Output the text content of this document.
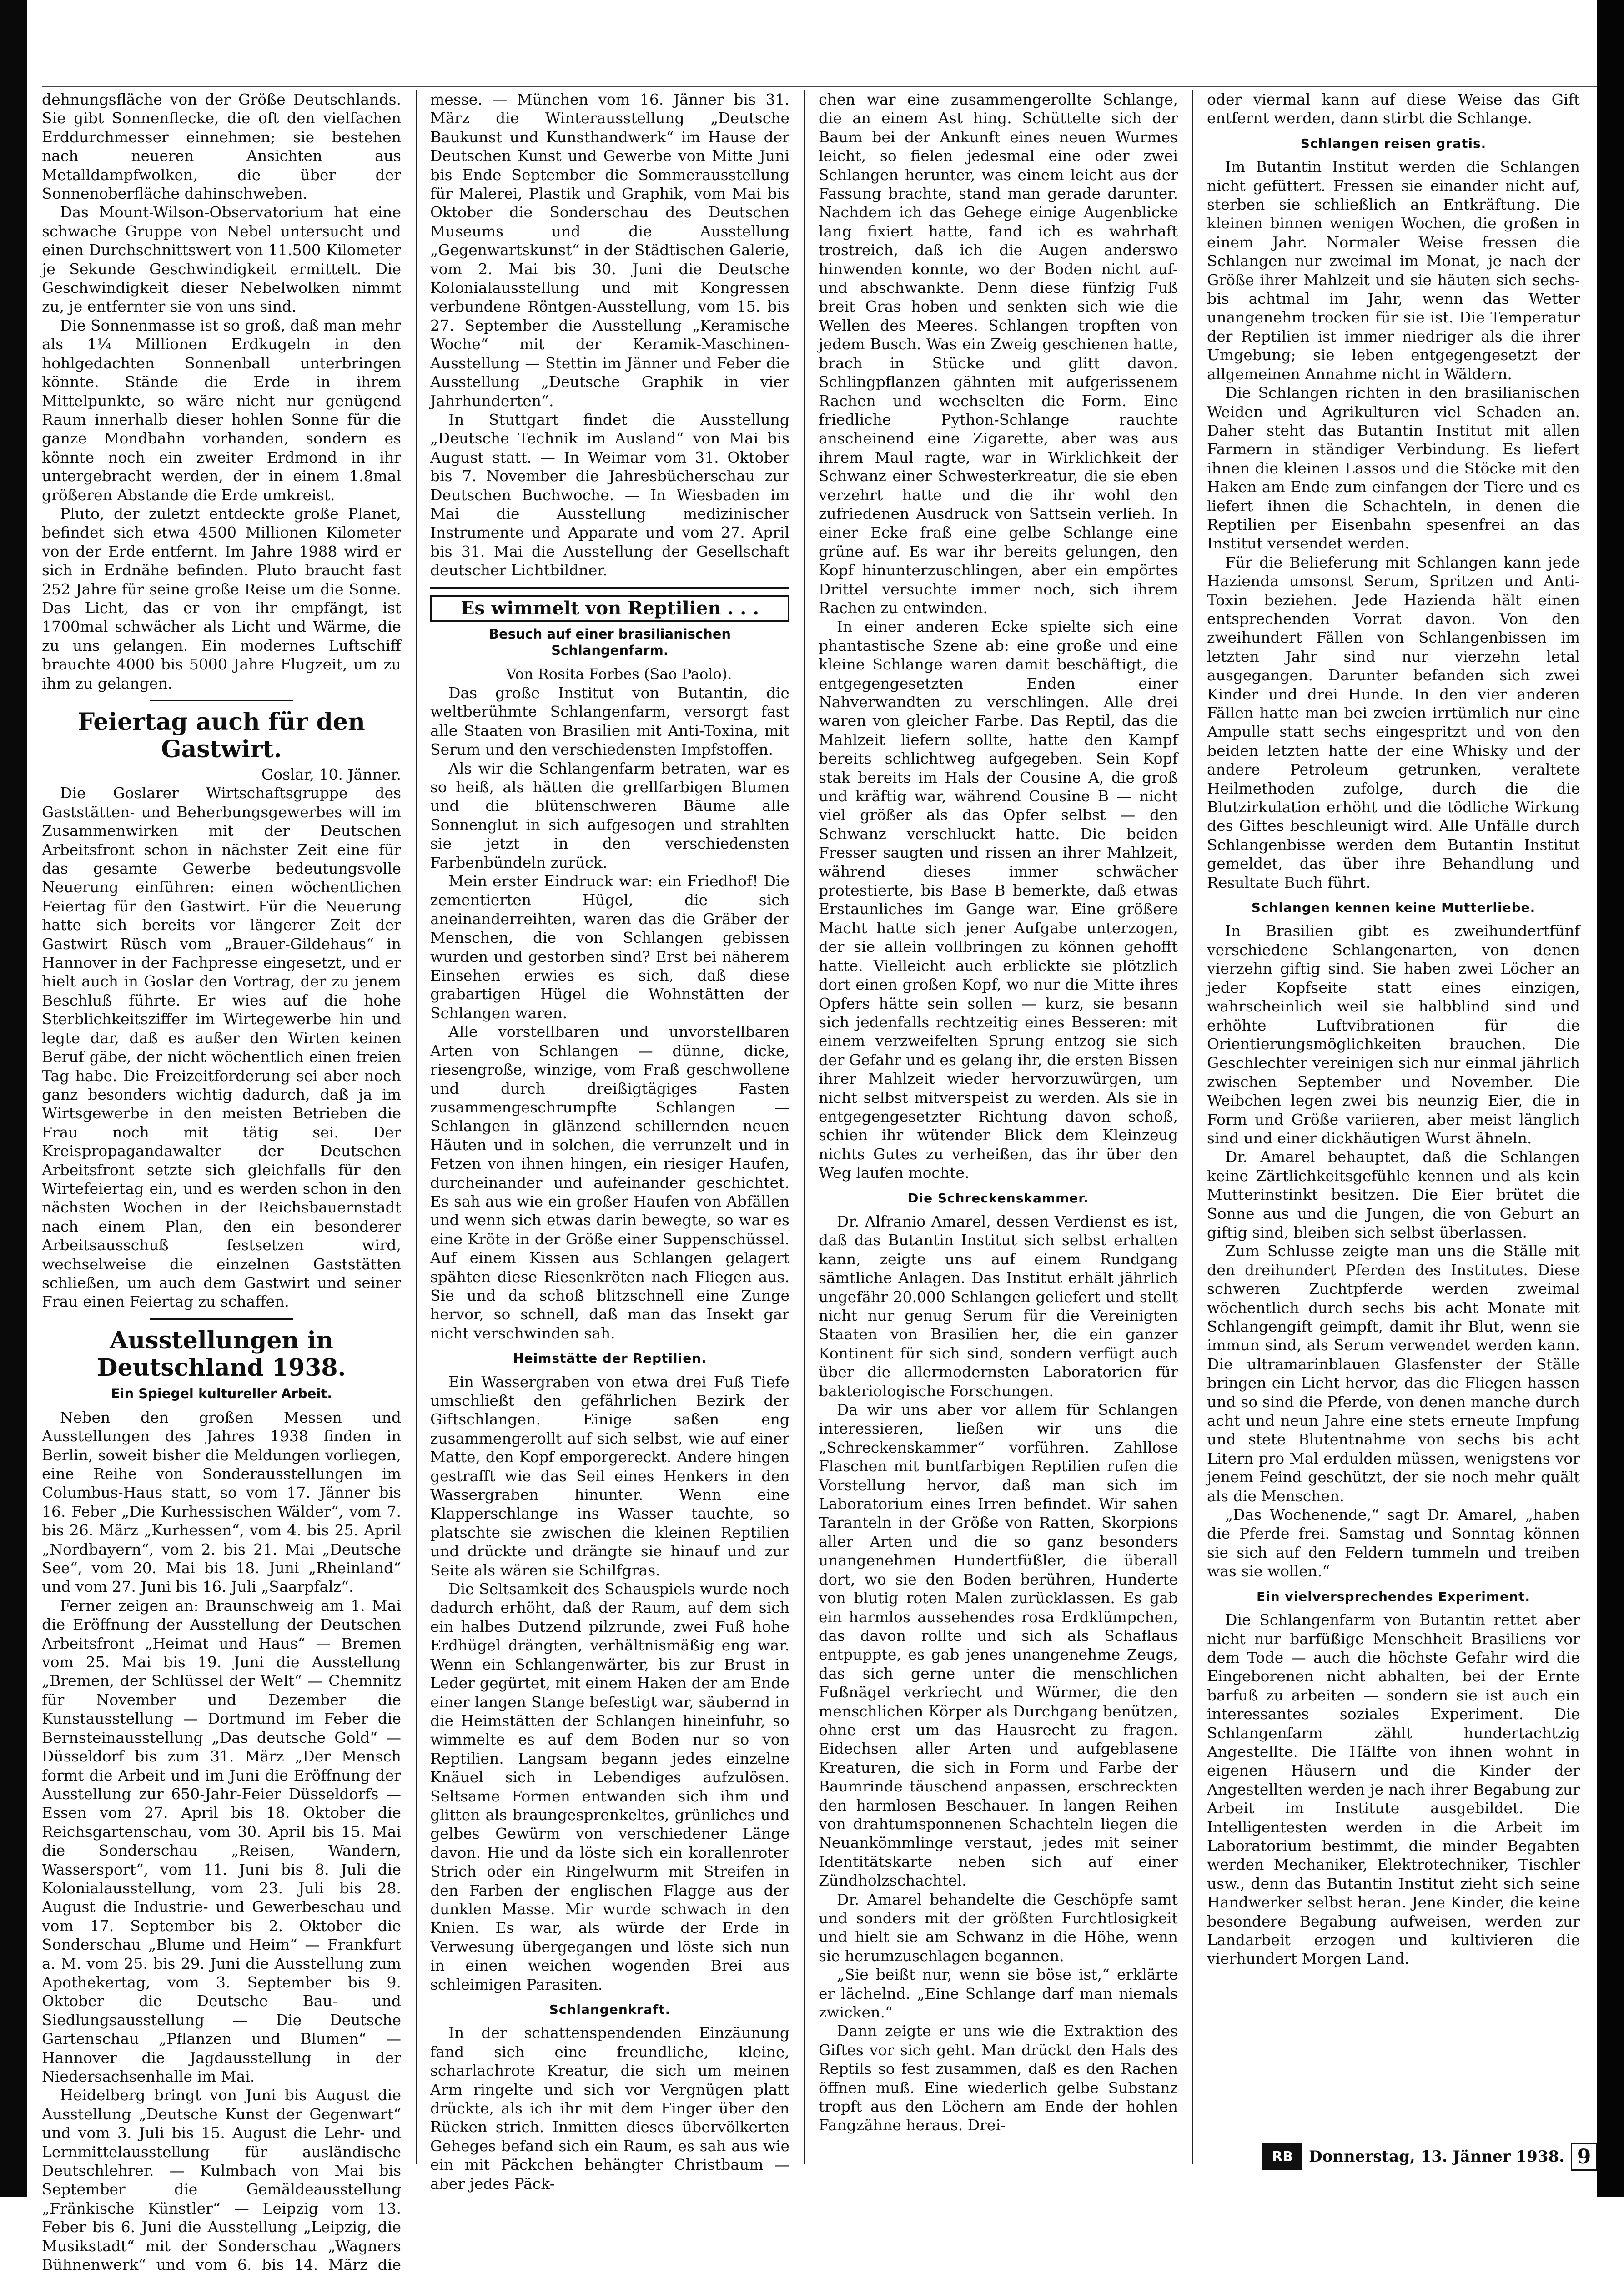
dehnungsfläche von der Größe Deutschlands. Sie gibt Sonnenflecke, die oft den vielfachen Erddurchmesser einnehmen; sie bestehen nach neueren Ansichten aus Metalldampfwolken, die über der Sonnenoberfläche dahinschweben.

Das Mount-Wilson-Observatorium hat eine schwache Gruppe von Nebel untersucht und einen Durchschnittswert von 11.500 Kilometer je Sekunde Geschwindigkeit ermittelt. Die Geschwindigkeit dieser Nebelwolken nimmt zu, je entfernter sie von uns sind.

Die Sonnenmasse ist so groß, daß man mehr als 1¼ Millionen Erdkugeln in den hohlgedachten Sonnenball unterbringen könnte. Stände die Erde in ihrem Mittelpunkte, so wäre nicht nur genügend Raum innerhalb dieser hohlen Sonne für die ganze Mondbahn vorhanden, sondern es könnte noch ein zweiter Erdmond in ihr untergebracht werden, der in einem 1.8mal größeren Abstande die Erde umkreist.

Pluto, der zuletzt entdeckte große Planet, befindet sich etwa 4500 Millionen Kilometer von der Erde entfernt. Im Jahre 1988 wird er sich in Erdnähe befinden. Pluto braucht fast 252 Jahre für seine große Reise um die Sonne. Das Licht, das er von ihr empfängt, ist 1700mal schwächer als Licht und Wärme, die zu uns gelangen. Ein modernes Luftschiff brauchte 4000 bis 5000 Jahre Flugzeit, um zu ihm zu gelangen.

Feiertag auch für den Gastwirt.

Goslar, 10. Jänner.

Die Goslarer Wirtschaftsgruppe des Gaststätten- und Beherbungsgewerbes will im Zusammenwirken mit der Deutschen Arbeitsfront schon in nächster Zeit eine für das gesamte Gewerbe bedeutungsvolle Neuerung einführen: einen wöchentlichen Feiertag für den Gastwirt. Für die Neuerung hatte sich bereits vor längerer Zeit der Gastwirt Rüsch vom „Brauer-Gildehaus“ in Hannover in der Fachpresse eingesetzt, und er hielt auch in Goslar den Vortrag, der zu jenem Beschluß führte. Er wies auf die hohe Sterblichkeitsziffer im Wirtegewerbe hin und legte dar, daß es außer den Wirten keinen Beruf gäbe, der nicht wöchentlich einen freien Tag habe. Die Freizeitforderung sei aber noch ganz besonders wichtig dadurch, daß ja im Wirtsgewerbe in den meisten Betrieben die Frau noch mit tätig sei. Der Kreispropagandawalter der Deutschen Arbeitsfront setzte sich gleichfalls für den Wirtefeiertag ein, und es werden schon in den nächsten Wochen in der Reichsbauernstadt nach einem Plan, den ein besonderer Arbeitsausschuß festsetzen wird, wechselweise die einzelnen Gaststätten schließen, um auch dem Gastwirt und seiner Frau einen Feiertag zu schaffen.

Ausstellungen in Deutschland 1938.
Ein Spiegel kultureller Arbeit.

Neben den großen Messen und Ausstellungen des Jahres 1938 finden in Berlin, soweit bisher die Meldungen vorliegen, eine Reihe von Sonderausstellungen im Columbus-Haus statt, so vom 17. Jänner bis 16. Feber „Die Kurhessischen Wälder“, vom 7. bis 26. März „Kurhessen“, vom 4. bis 25. April „Nordbayern“, vom 2. bis 21. Mai „Deutsche See“, vom 20. Mai bis 18. Juni „Rheinland“ und vom 27. Juni bis 16. Juli „Saarpfalz“.

Ferner zeigen an: Braunschweig am 1. Mai die Eröffnung der Ausstellung der Deutschen Arbeitsfront „Heimat und Haus“ — Bremen vom 25. Mai bis 19. Juni die Ausstellung „Bremen, der Schlüssel der Welt“ — Chemnitz für November und Dezember die Kunstausstellung — Dortmund im Feber die Bernsteinausstellung „Das deutsche Gold“ — Düsseldorf bis zum 31. März „Der Mensch formt die Arbeit und im Juni die Eröffnung der Ausstellung zur 650-Jahr-Feier Düsseldorfs — Essen vom 27. April bis 18. Oktober die Reichsgartenschau, vom 30. April bis 15. Mai die Sonderschau „Reisen, Wandern, Wassersport“, vom 11. Juni bis 8. Juli die Kolonialausstellung, vom 23. Juli bis 28. August die Industrie- und Gewerbeschau und vom 17. September bis 2. Oktober die Sonderschau „Blume und Heim“ — Frankfurt a. M. vom 25. bis 29. Juni die Ausstellung zum Apothekertag, vom 3. September bis 9. Oktober die Deutsche Bau- und Siedlungsausstellung — Die Deutsche Gartenschau „Pflanzen und Blumen“ — Hannover die Jagdausstellung in der Niedersachsenhalle im Mai.

Heidelberg bringt von Juni bis August die Ausstellung „Deutsche Kunst der Gegenwart“ und vom 3. Juli bis 15. August die Lehr- und Lernmittelausstellung für ausländische Deutschlehrer. — Kulmbach von Mai bis September die Gemäldeausstellung „Fränkische Künstler“ — Leipzig vom 13. Feber bis 6. Juni die Ausstellung „Leipzig, die Musikstadt“ mit der Sonderschau „Wagners Bühnenwerk“ und vom 6. bis 14. März die

messe. — München vom 16. Jänner bis 31. März die Winterausstellung „Deutsche Baukunst und Kunsthandwerk“ im Hause der Deutschen Kunst und Gewerbe von Mitte Juni bis Ende September die Sommerausstellung für Malerei, Plastik und Graphik, vom Mai bis Oktober die Sonderschau des Deutschen Museums und die Ausstellung „Gegenwartskunst“ in der Städtischen Galerie, vom 2. Mai bis 30. Juni die Deutsche Kolonialausstellung und mit Kongressen verbundene Röntgen-Ausstellung, vom 15. bis 27. September die Ausstellung „Keramische Woche“ mit der Keramik-Maschinen-Ausstellung — Stettin im Jänner und Feber die Ausstellung „Deutsche Graphik in vier Jahrhunderten“.

In Stuttgart findet die Ausstellung „Deutsche Technik im Ausland“ von Mai bis August statt. — In Weimar vom 31. Oktober bis 7. November die Jahresbücherschau zur Deutschen Buchwoche. — In Wiesbaden im Mai die Ausstellung medizinischer Instrumente und Apparate und vom 27. April bis 31. Mai die Ausstellung der Gesellschaft deutscher Lichtbildner.

Es wimmelt von Reptilien . . .
Besuch auf einer brasilianischen Schlangenfarm.

Von Rosita Forbes (Sao Paolo).

Das große Institut von Butantin, die weltberühmte Schlangenfarm, versorgt fast alle Staaten von Brasilien mit Anti-Toxina, mit Serum und den verschiedensten Impfstoffen.

Als wir die Schlangenfarm betraten, war es so heiß, als hätten die grellfarbigen Blumen und die blütenschweren Bäume alle Sonnenglut in sich aufgesogen und strahlten sie jetzt in den verschiedensten Farbenbündeln zurück.

Mein erster Eindruck war: ein Friedhof! Die zementierten Hügel, die sich aneinanderreihten, waren das die Gräber der Menschen, die von Schlangen gebissen wurden und gestorben sind? Erst bei näherem Einsehen erwies es sich, daß diese grabartigen Hügel die Wohnstätten der Schlangen waren.

Alle vorstellbaren und unvorstellbaren Arten von Schlangen — dünne, dicke, riesengroße, winzige, vom Fraß geschwollene und durch dreißigtägiges Fasten zusammengeschrumpfte Schlangen — Schlangen in glänzend schillernden neuen Häuten und in solchen, die verrunzelt und in Fetzen von ihnen hingen, ein riesiger Haufen, durcheinander und aufeinander geschichtet. Es sah aus wie ein großer Haufen von Abfällen und wenn sich etwas darin bewegte, so war es eine Kröte in der Größe einer Suppenschüssel. Auf einem Kissen aus Schlangen gelagert spähten diese Riesenkröten nach Fliegen aus. Sie und da schoß blitzschnell eine Zunge hervor, so schnell, daß man das Insekt gar nicht verschwinden sah.

Heimstätte der Reptilien.

Ein Wassergraben von etwa drei Fuß Tiefe umschließt den gefährlichen Bezirk der Giftschlangen. Einige saßen eng zusammengerollt auf sich selbst, wie auf einer Matte, den Kopf emporgereckt. Andere hingen gestrafft wie das Seil eines Henkers in den Wassergraben hinunter. Wenn eine Klapperschlange ins Wasser tauchte, so platschte sie zwischen die kleinen Reptilien und drückte und drängte sie hinauf und zur Seite als wären sie Schilfgras.

Die Seltsamkeit des Schauspiels wurde noch dadurch erhöht, daß der Raum, auf dem sich ein halbes Dutzend pilzrunde, zwei Fuß hohe Erdhügel drängten, verhältnismäßig eng war. Wenn ein Schlangenwärter, bis zur Brust in Leder gegürtet, mit einem Haken der am Ende einer langen Stange befestigt war, säubernd in die Heimstätten der Schlangen hineinfuhr, so wimmelte es auf dem Boden nur so von Reptilien. Langsam begann jedes einzelne Knäuel sich in Lebendiges aufzulösen. Seltsame Formen entwanden sich ihm und glitten als braungesprenkeltes, grünliches und gelbes Gewürm von verschiedener Länge davon. Hie und da löste sich ein korallenroter Strich oder ein Ringelwurm mit Streifen in den Farben der englischen Flagge aus der dunklen Masse. Mir wurde schwach in den Knien. Es war, als würde der Erde in Verwesung übergegangen und löste sich nun in einen weichen wogenden Brei aus schleimigen Parasiten.

Schlangenkraft.

In der schattenspendenden Einzäunung fand sich eine freundliche, kleine, scharlachrote Kreatur, die sich um meinen Arm ringelte und sich vor Vergnügen platt drückte, als ich ihr mit dem Finger über den Rücken strich. Inmitten dieses übervölkerten Geheges befand sich ein Raum, es sah aus wie ein mit Päckchen behängter Christbaum — aber jedes Päck-

chen war eine zusammengerollte Schlange, die an einem Ast hing. Schüttelte sich der Baum bei der Ankunft eines neuen Wurmes leicht, so fielen jedesmal eine oder zwei Schlangen herunter, was einem leicht aus der Fassung brachte, stand man gerade darunter. Nachdem ich das Gehege einige Augenblicke lang fixiert hatte, fand ich es wahrhaft trostreich, daß ich die Augen anderswo hinwenden konnte, wo der Boden nicht auf- und abschwankte. Denn diese fünfzig Fuß breit Gras hoben und senkten sich wie die Wellen des Meeres. Schlangen tropften von jedem Busch. Was ein Zweig geschienen hatte, brach in Stücke und glitt davon. Schlingpflanzen gähnten mit aufgerissenem Rachen und wechselten die Form. Eine friedliche Python-Schlange rauchte anscheinend eine Zigarette, aber was aus ihrem Maul ragte, war in Wirklichkeit der Schwanz einer Schwesterkreatur, die sie eben verzehrt hatte und die ihr wohl den zufriedenen Ausdruck von Sattsein verlieh. In einer Ecke fraß eine gelbe Schlange eine grüne auf. Es war ihr bereits gelungen, den Kopf hinunterzuschlingen, aber ein empörtes Drittel versuchte immer noch, sich ihrem Rachen zu entwinden.

In einer anderen Ecke spielte sich eine phantastische Szene ab: eine große und eine kleine Schlange waren damit beschäftigt, die entgegengesetzten Enden einer Nahverwandten zu verschlingen. Alle drei waren von gleicher Farbe. Das Reptil, das die Mahlzeit liefern sollte, hatte den Kampf bereits schlichtweg aufgegeben. Sein Kopf stak bereits im Hals der Cousine A, die groß und kräftig war, während Cousine B — nicht viel größer als das Opfer selbst — den Schwanz verschluckt hatte. Die beiden Fresser saugten und rissen an ihrer Mahlzeit, während dieses immer schwächer protestierte, bis Base B bemerkte, daß etwas Erstaunliches im Gange war. Eine größere Macht hatte sich jener Aufgabe unterzogen, der sie allein vollbringen zu können gehofft hatte. Vielleicht auch erblickte sie plötzlich dort einen großen Kopf, wo nur die Mitte ihres Opfers hätte sein sollen — kurz, sie besann sich jedenfalls rechtzeitig eines Besseren: mit einem verzweifelten Sprung entzog sie sich der Gefahr und es gelang ihr, die ersten Bissen ihrer Mahlzeit wieder hervorzuwürgen, um nicht selbst mitverspeist zu werden. Als sie in entgegengesetzter Richtung davon schoß, schien ihr wütender Blick dem Kleinzeug nichts Gutes zu verheißen, das ihr über den Weg laufen mochte.

Die Schreckenskammer.

Dr. Alfranio Amarel, dessen Verdienst es ist, daß das Butantin Institut sich selbst erhalten kann, zeigte uns auf einem Rundgang sämtliche Anlagen. Das Institut erhält jährlich ungefähr 20.000 Schlangen geliefert und stellt nicht nur genug Serum für die Vereinigten Staaten von Brasilien her, die ein ganzer Kontinent für sich sind, sondern verfügt auch über die allermodernsten Laboratorien für bakteriologische Forschungen.

Da wir uns aber vor allem für Schlangen interessieren, ließen wir uns die „Schreckenskammer“ vorführen. Zahllose Flaschen mit buntfarbigen Reptilien rufen die Vorstellung hervor, daß man sich im Laboratorium eines Irren befindet. Wir sahen Taranteln in der Größe von Ratten, Skorpions aller Arten und die so ganz besonders unangenehmen Hundertfüßler, die überall dort, wo sie den Boden berühren, Hunderte von blutig roten Malen zurücklassen. Es gab ein harmlos aussehendes rosa Erdklümpchen, das davon rollte und sich als Schaflaus entpuppte, es gab jenes unangenehme Zeugs, das sich gerne unter die menschlichen Fußnägel verkriecht und Würmer, die den menschlichen Körper als Durchgang benützen, ohne erst um das Hausrecht zu fragen. Eidechsen aller Arten und aufgeblasene Kreaturen, die sich in Form und Farbe der Baumrinde täuschend anpassen, erschreckten den harmlosen Beschauer. In langen Reihen von drahtumsponnenen Schachteln liegen die Neuankömmlinge verstaut, jedes mit seiner Identitätskarte neben sich auf einer Zündholzschachtel.

Dr. Amarel behandelte die Geschöpfe samt und sonders mit der größten Furchtlosigkeit und hielt sie am Schwanz in die Höhe, wenn sie herumzuschlagen begannen.

„Sie beißt nur, wenn sie böse ist,“ erklärte er lächelnd. „Eine Schlange darf man niemals zwicken.“

Dann zeigte er uns wie die Extraktion des Giftes vor sich geht. Man drückt den Hals des Reptils so fest zusammen, daß es den Rachen öffnen muß. Eine wiederlich gelbe Substanz tropft aus den Löchern am Ende der hohlen Fangzähne heraus. Drei-

oder viermal kann auf diese Weise das Gift entfernt werden, dann stirbt die Schlange.

Schlangen reisen gratis.

Im Butantin Institut werden die Schlangen nicht gefüttert. Fressen sie einander nicht auf, sterben sie schließlich an Entkräftung. Die kleinen binnen wenigen Wochen, die großen in einem Jahr. Normaler Weise fressen die Schlangen nur zweimal im Monat, je nach der Größe ihrer Mahlzeit und sie häuten sich sechs- bis achtmal im Jahr, wenn das Wetter unangenehm trocken für sie ist. Die Temperatur der Reptilien ist immer niedriger als die ihrer Umgebung; sie leben entgegengesetzt der allgemeinen Annahme nicht in Wäldern.

Die Schlangen richten in den brasilianischen Weiden und Agrikulturen viel Schaden an. Daher steht das Butantin Institut mit allen Farmern in ständiger Verbindung. Es liefert ihnen die kleinen Lassos und die Stöcke mit den Haken am Ende zum einfangen der Tiere und es liefert ihnen die Schachteln, in denen die Reptilien per Eisenbahn spesenfrei an das Institut versendet werden.

Für die Belieferung mit Schlangen kann jede Hazienda umsonst Serum, Spritzen und Anti-Toxin beziehen. Jede Hazienda hält einen entsprechenden Vorrat davon. Von den zweihundert Fällen von Schlangenbissen im letzten Jahr sind nur vierzehn letal ausgegangen. Darunter befanden sich zwei Kinder und drei Hunde. In den vier anderen Fällen hatte man bei zweien irrtümlich nur eine Ampulle statt sechs eingespritzt und von den beiden letzten hatte der eine Whisky und der andere Petroleum getrunken, veraltete Heilmethoden zufolge, durch die die Blutzirkulation erhöht und die tödliche Wirkung des Giftes beschleunigt wird. Alle Unfälle durch Schlangenbisse werden dem Butantin Institut gemeldet, das über ihre Behandlung und Resultate Buch führt.

Schlangen kennen keine Mutterliebe.

In Brasilien gibt es zweihundertfünf verschiedene Schlangenarten, von denen vierzehn giftig sind. Sie haben zwei Löcher an jeder Kopfseite statt eines einzigen, wahrscheinlich weil sie halbblind sind und erhöhte Luftvibrationen für die Orientierungsmöglichkeiten brauchen. Die Geschlechter vereinigen sich nur einmal jährlich zwischen September und November. Die Weibchen legen zwei bis neunzig Eier, die in Form und Größe variieren, aber meist länglich sind und einer dickhäutigen Wurst ähneln.

Dr. Amarel behauptet, daß die Schlangen keine Zärtlichkeitsgefühle kennen und als kein Mutterinstinkt besitzen. Die Eier brütet die Sonne aus und die Jungen, die von Geburt an giftig sind, bleiben sich selbst überlassen.

Zum Schlusse zeigte man uns die Ställe mit den dreihundert Pferden des Institutes. Diese schweren Zuchtpferde werden zweimal wöchentlich durch sechs bis acht Monate mit Schlangengift geimpft, damit ihr Blut, wenn sie immun sind, als Serum verwendet werden kann. Die ultramarinblauen Glasfenster der Ställe bringen ein Licht hervor, das die Fliegen hassen und so sind die Pferde, von denen manche durch acht und neun Jahre eine stets erneute Impfung und stete Blutentnahme von sechs bis acht Litern pro Mal erdulden müssen, wenigstens vor jenem Feind geschützt, der sie noch mehr quält als die Menschen.

„Das Wochenende,“ sagt Dr. Amarel, „haben die Pferde frei. Samstag und Sonntag können sie sich auf den Feldern tummeln und treiben was sie wollen.“

Ein vielversprechendes Experiment.

Die Schlangenfarm von Butantin rettet aber nicht nur barfüßige Menschheit Brasiliens vor dem Tode — auch die höchste Gefahr wird die Eingeborenen nicht abhalten, bei der Ernte barfuß zu arbeiten — sondern sie ist auch ein interessantes soziales Experiment. Die Schlangenfarm zählt hundertachtzig Angestellte. Die Hälfte von ihnen wohnt in eigenen Häusern und die Kinder der Angestellten werden je nach ihrer Begabung zur Arbeit im Institute ausgebildet. Die Intelligentesten werden in die Arbeit im Laboratorium bestimmt, die minder Begabten werden Mechaniker, Elektrotechniker, Tischler usw., denn das Butantin Institut zieht sich seine Handwerker selbst heran. Jene Kinder, die keine besondere Begabung aufweisen, werden zur Landarbeit erzogen und kultivieren die vierhundert Morgen Land.

RB	Donnerstag, 13. Jänner 1938. 9
